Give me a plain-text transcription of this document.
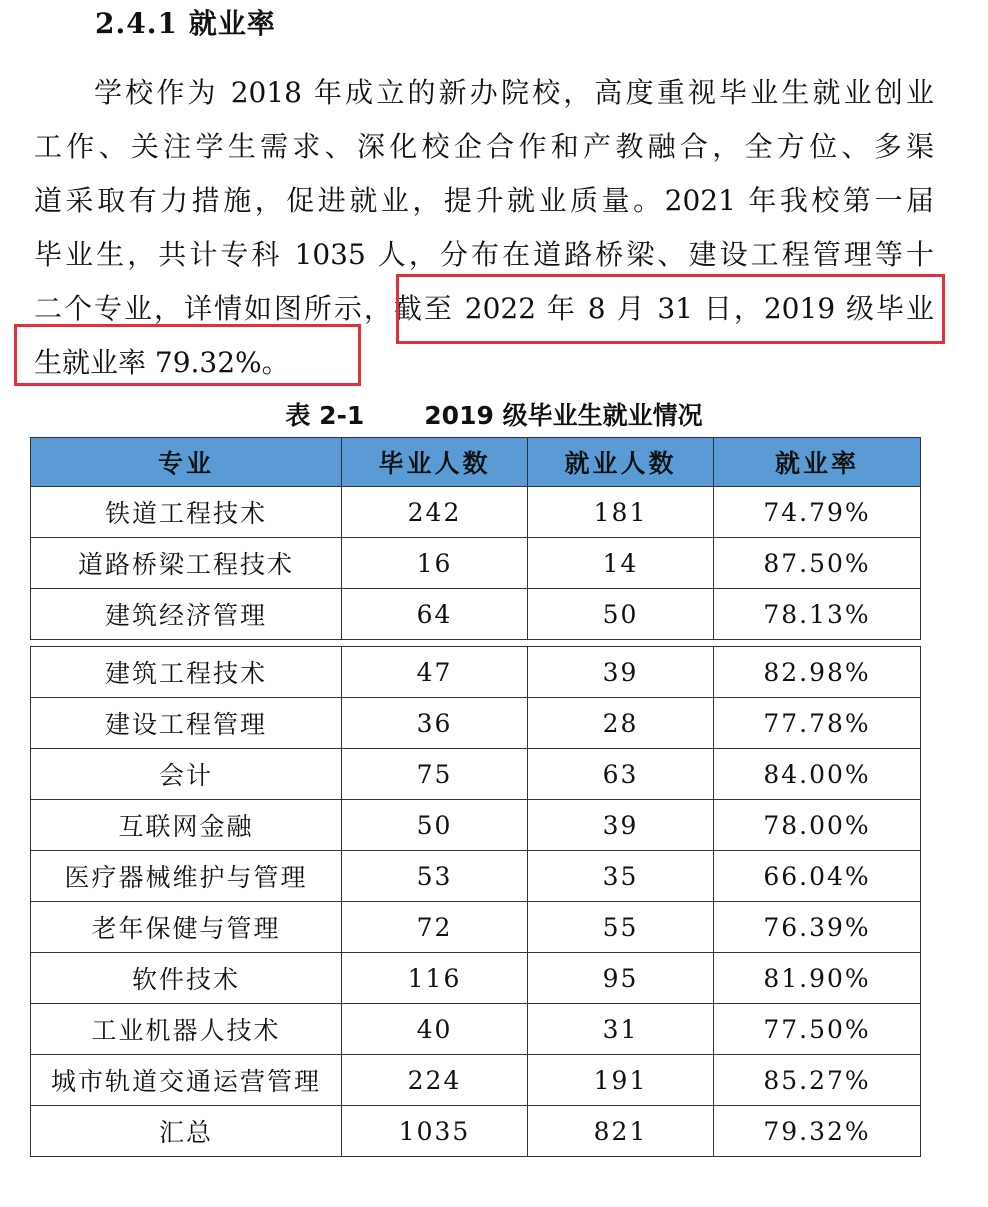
2.4.1 就业率
学校作为 2018 年成立的新办院校，高度重视毕业生就业创业
工作、关注学生需求、深化校企合作和产教融合，全方位、多渠
道采取有力措施，促进就业，提升就业质量。2021 年我校第一届
毕业生，共计专科 1035 人，分布在道路桥梁、建设工程管理等十
二个专业，详情如图所示，截至 2022 年 8 月 31 日，2019 级毕业
生就业率 79.32%。

表 2-1 2019 级毕业生就业情况

专业	毕业人数	就业人数	就业率
铁道工程技术	242	181	74.79%
道路桥梁工程技术	16	14	87.50%
建筑经济管理	64	50	78.13%

建筑工程技术	47	39	82.98%
建设工程管理	36	28	77.78%
会计	75	63	84.00%
互联网金融	50	39	78.00%
医疗器械维护与管理	53	35	66.04%
老年保健与管理	72	55	76.39%
软件技术	116	95	81.90%
工业机器人技术	40	31	77.50%
城市轨道交通运营管理	224	191	85.27%
汇总	1035	821	79.32%
